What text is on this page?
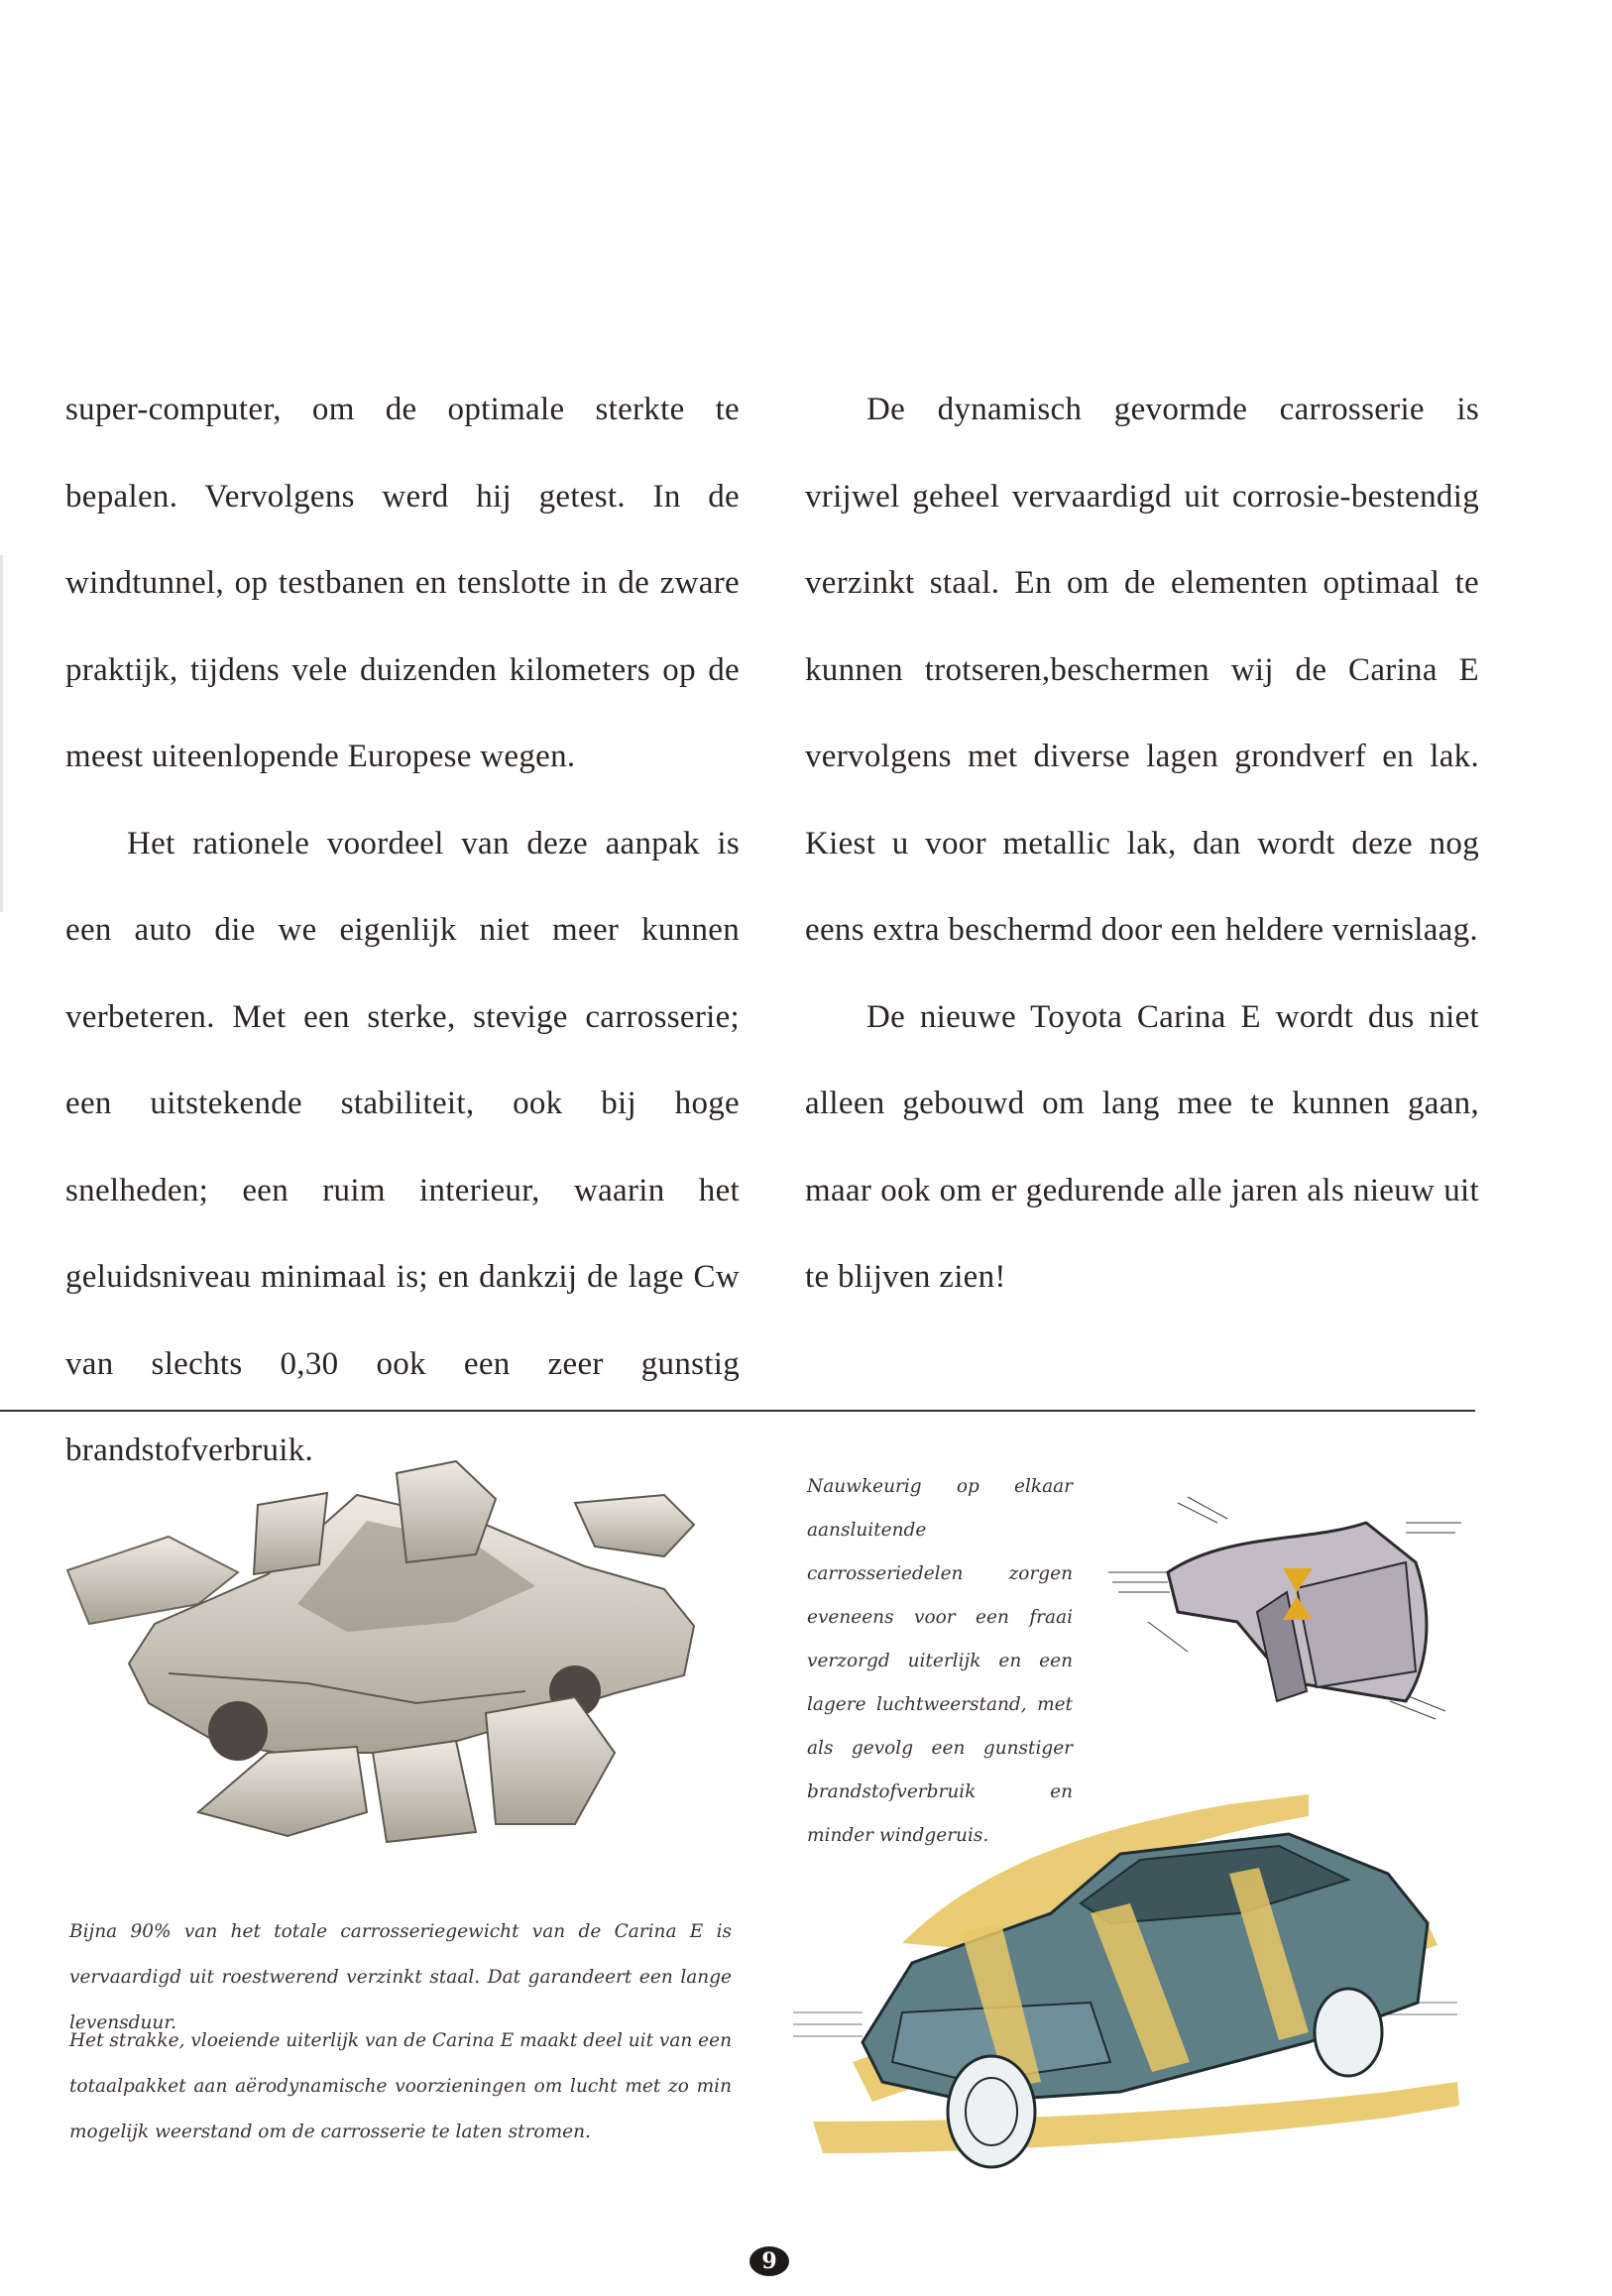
super-computer, om de optimale sterkte te bepalen. Vervolgens werd hij getest. In de windtunnel, op testbanen en tenslotte in de zware praktijk, tijdens vele duizenden kilometers op de meest uiteenlopende Europese wegen.

Het rationele voordeel van deze aanpak is een auto die we eigenlijk niet meer kunnen verbeteren. Met een sterke, stevige carrosserie; een uitstekende stabiliteit, ook bij hoge snelheden; een ruim interieur, waarin het geluidsniveau minimaal is; en dankzij de lage Cw van slechts 0,30 ook een zeer gunstig brandstofverbruik.

De dynamisch gevormde carrosserie is vrijwel geheel vervaardigd uit corrosie-bestendig verzinkt staal. En om de elementen optimaal te kunnen trotseren,beschermen wij de Carina E vervolgens met diverse lagen grondverf en lak. Kiest u voor metallic lak, dan wordt deze nog eens extra beschermd door een heldere vernislaag.

De nieuwe Toyota Carina E wordt dus niet alleen gebouwd om lang mee te kunnen gaan, maar ook om er gedurende alle jaren als nieuw uit te blijven zien!

Nauwkeurig op elkaar aansluitende carrosseriedelen zorgen eveneens voor een fraai verzorgd uiterlijk en een lagere luchtweerstand, met als gevolg een gunstiger brandstofverbruik en minder windgeruis.

Bijna 90% van het totale carrosseriegewicht van de Carina E is vervaardigd uit roestwerend verzinkt staal. Dat garandeert een lange levensduur.

Het strakke, vloeiende uiterlijk van de Carina E maakt deel uit van een totaalpakket aan aërodynamische voorzieningen om lucht met zo min mogelijk weerstand om de carrosserie te laten stromen.

9
